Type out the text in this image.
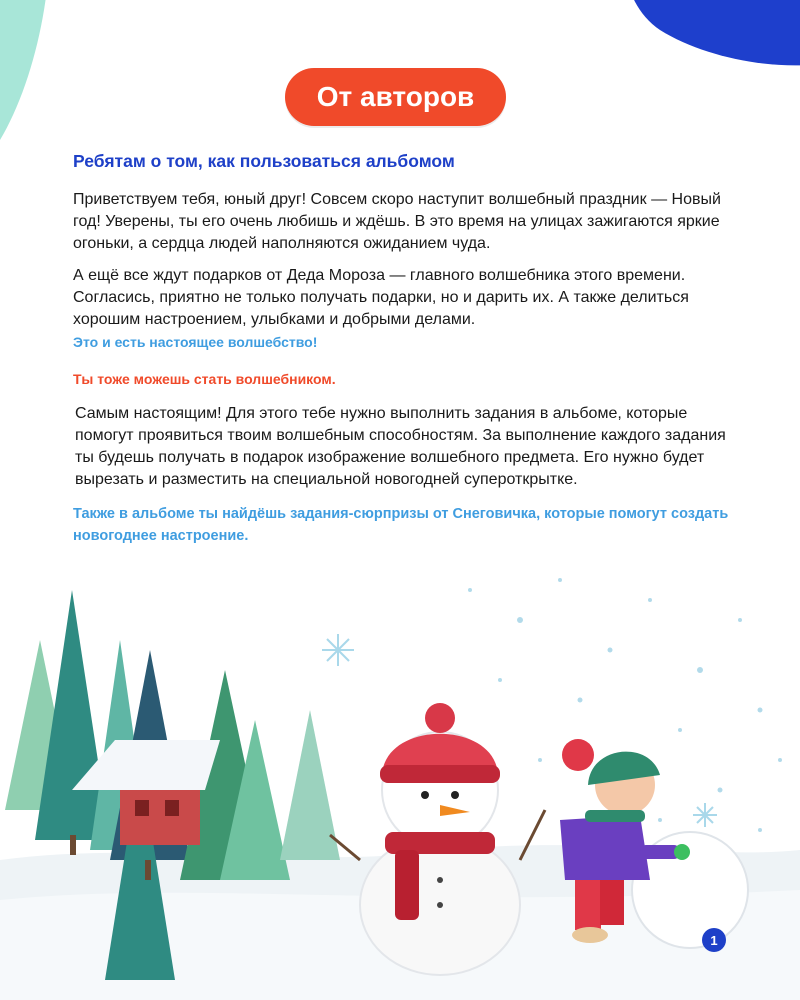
От авторов
Ребятам о том, как пользоваться альбомом
Приветствуем тебя, юный друг! Совсем скоро наступит волшебный праздник — Новый год! Уверены, ты его очень любишь и ждёшь. В это время на улицах зажигаются яркие огоньки, а сердца людей наполняются ожиданием чуда.
А ещё все ждут подарков от Деда Мороза — главного волшебника этого времени. Согласись, приятно не только получать подарки, но и дарить их. А также делиться хорошим настроением, улыбками и добрыми делами.
Это и есть настоящее волшебство!
Ты тоже можешь стать волшебником.
Самым настоящим! Для этого тебе нужно выполнить задания в альбоме, которые помогут проявиться твоим волшебным способностям. За выполнение каждого задания ты будешь получать в подарок изображение волшебного предмета. Его нужно будет вырезать и разместить на специальной новогодней супероткрытке.
Также в альбоме ты найдёшь задания-сюрпризы от Снеговичка, которые помогут создать новогоднее настроение.
1
